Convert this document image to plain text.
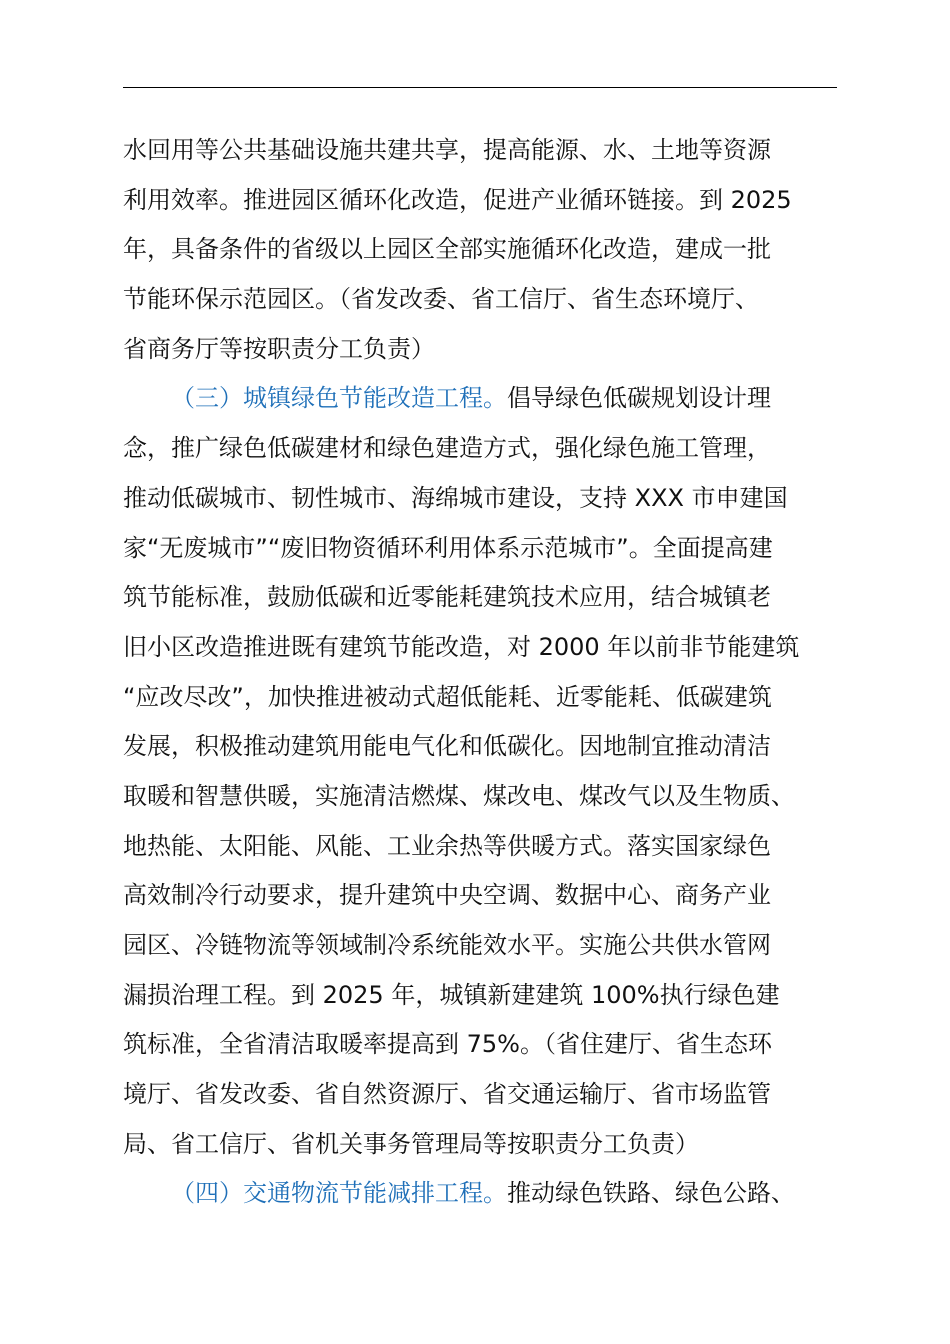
水回用等公共基础设施共建共享，提高能源、水、土地等资源
利用效率。推进园区循环化改造，促进产业循环链接。到 2025
年，具备条件的省级以上园区全部实施循环化改造，建成一批
节能环保示范园区。（省发改委、省工信厅、省生态环境厅、
省商务厅等按职责分工负责）
（三）城镇绿色节能改造工程。倡导绿色低碳规划设计理
念，推广绿色低碳建材和绿色建造方式，强化绿色施工管理，
推动低碳城市、韧性城市、海绵城市建设，支持 XXX 市申建国
家“无废城市”“废旧物资循环利用体系示范城市”。全面提高建
筑节能标准，鼓励低碳和近零能耗建筑技术应用，结合城镇老
旧小区改造推进既有建筑节能改造，对 2000 年以前非节能建筑
“应改尽改”，加快推进被动式超低能耗、近零能耗、低碳建筑
发展，积极推动建筑用能电气化和低碳化。因地制宜推动清洁
取暖和智慧供暖，实施清洁燃煤、煤改电、煤改气以及生物质、
地热能、太阳能、风能、工业余热等供暖方式。落实国家绿色
高效制冷行动要求，提升建筑中央空调、数据中心、商务产业
园区、冷链物流等领域制冷系统能效水平。实施公共供水管网
漏损治理工程。到 2025 年，城镇新建建筑 100%执行绿色建
筑标准，全省清洁取暖率提高到 75%。（省住建厅、省生态环
境厅、省发改委、省自然资源厅、省交通运输厅、省市场监管
局、省工信厅、省机关事务管理局等按职责分工负责）
（四）交通物流节能减排工程。推动绿色铁路、绿色公路、
